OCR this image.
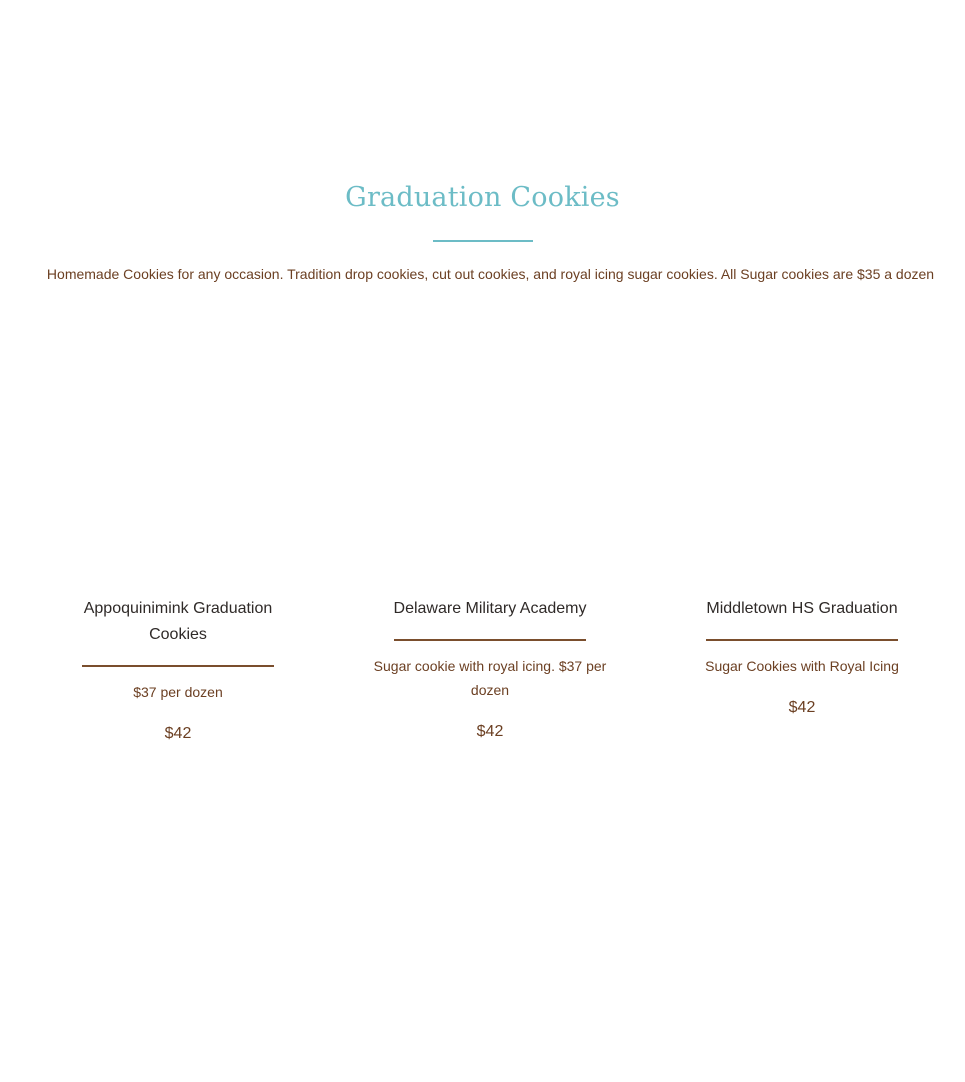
Graduation Cookies
Homemade Cookies for any occasion. Tradition drop cookies, cut out cookies, and royal icing sugar cookies. All Sugar cookies are $35 a dozen
Appoquinimink Graduation Cookies
$37 per dozen
$42
Delaware Military Academy
Sugar cookie with royal icing. $37 per dozen
$42
Middletown HS Graduation
Sugar Cookies with Royal Icing
$42
